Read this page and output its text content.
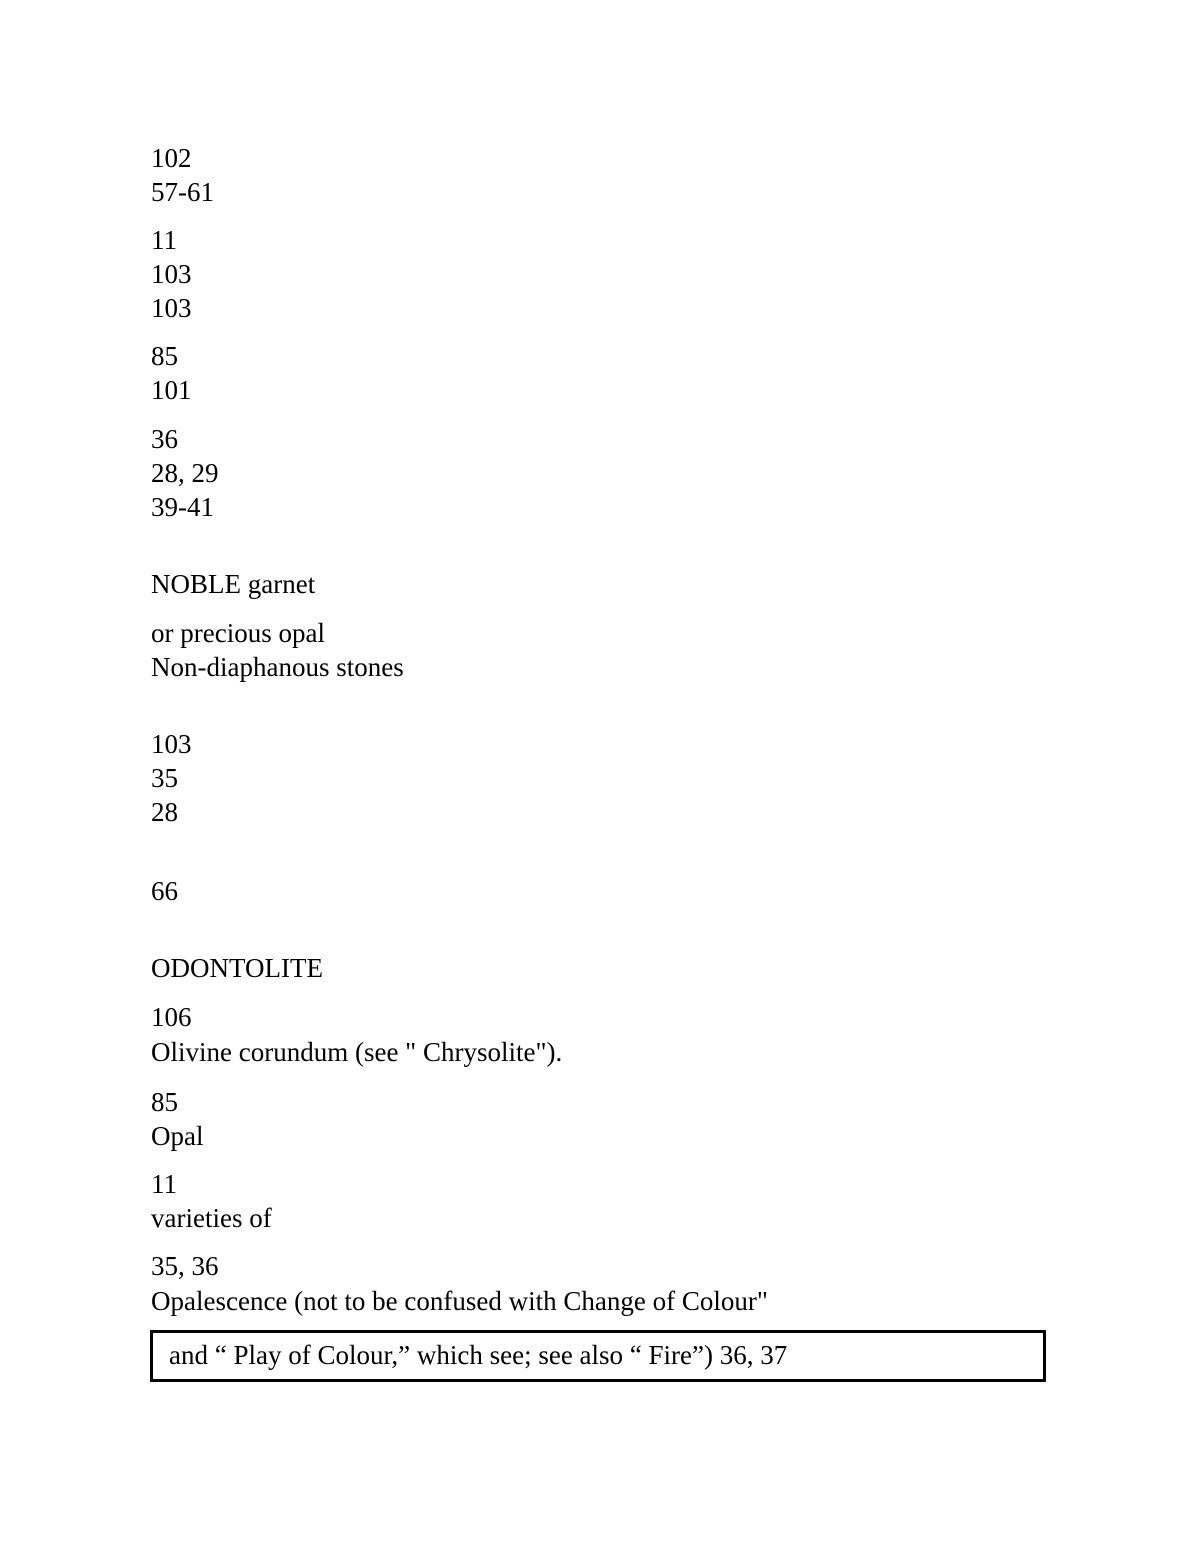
102
57-61
11
103
103
85
101
36
28, 29
39-41
NOBLE garnet
or precious opal
Non-diaphanous stones
103
35
28
66
ODONTOLITE
106
Olivine corundum (see " Chrysolite").
85
Opal
11
varieties of
35, 36
Opalescence (not to be confused with Change of Colour"
and “ Play of Colour,” which see; see also “ Fire”) 36, 37
